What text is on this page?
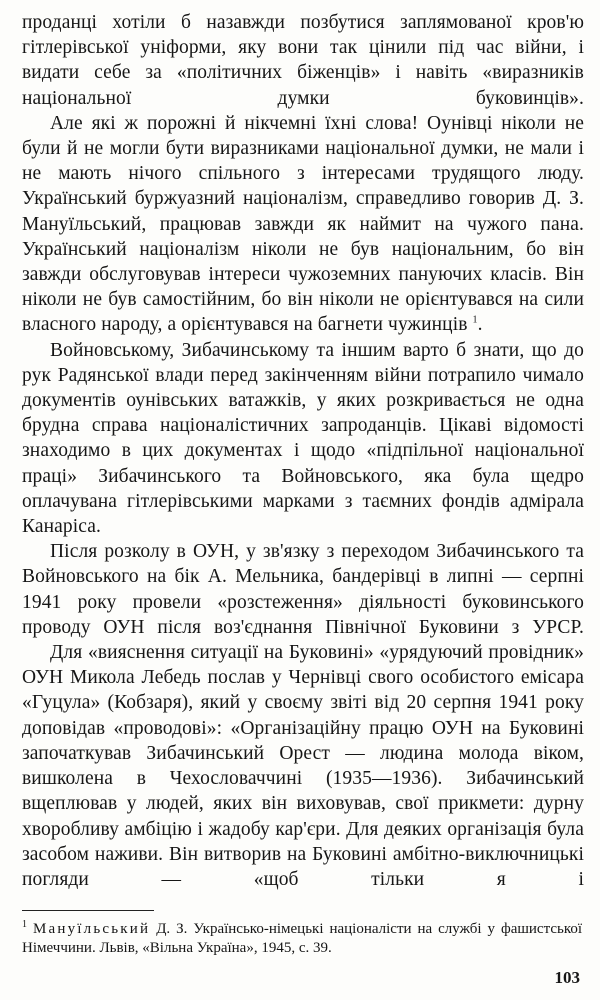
проданці хотіли б назавжди позбутися заплямованої кров'ю гітлерівської уніформи, яку вони так цінили під час війни, і видати себе за «політичних біженців» і навіть «виразників національної думки буковинців».

Але які ж порожні й нікчемні їхні слова! Оунівці ніколи не були й не могли бути виразниками національної думки, не мали і не мають нічого спільного з інтересами трудящого люду. Український буржуазний націоналізм, справедливо говорив Д. З. Мануїльський, працював завжди як наймит на чужого пана. Український націоналізм ніколи не був національним, бо він завжди обслуговував інтереси чужоземних пануючих класів. Він ніколи не був самостійним, бо він ніколи не орієнтувався на сили власного народу, а орієнтувався на багнети чужинців $^1$.

Войновському, Зибачинському та іншим варто б знати, що до рук Радянської влади перед закінченням війни потрапило чимало документів оунівських ватажків, у яких розкривається не одна брудна справа націоналістичних запроданців. Цікаві відомості знаходимо в цих документах і щодо «підпільної національної праці» Зибачинського та Войновського, яка була щедро оплачувана гітлерівськими марками з таємних фондів адмірала Канаріса.

Після розколу в ОУН, у зв'язку з переходом Зибачинського та Войновського на бік А. Мельника, бандерівці в липні — серпні 1941 року провели «розстеження» діяльності буковинського проводу ОУН після воз'єднання Північної Буковини з УРСР.

Для «вияснення ситуації на Буковині» «урядуючий провідник» ОУН Микола Лебедь послав у Чернівці свого особистого емісара «Гуцула» (Кобзаря), який у своєму звіті від 20 серпня 1941 року доповідав «проводові»: «Організаційну працю ОУН на Буковині започаткував Зибачинський Орест — людина молода віком, вишколена в Чехословаччині (1935—1936). Зибачинський вщеплював у людей, яких він виховував, свої прикмети: дурну хворобливу амбіцію і жадобу кар'єри. Для деяких організація була засобом наживи. Він витворив на Буковині амбітно-виключницькі погляди — «щоб тільки я і

$^1$ Мануїльський Д. З. Українсько-німецькі націоналісти на службі у фашистської Німеччини. Львів, «Вільна Україна», 1945, с. 39.

103
